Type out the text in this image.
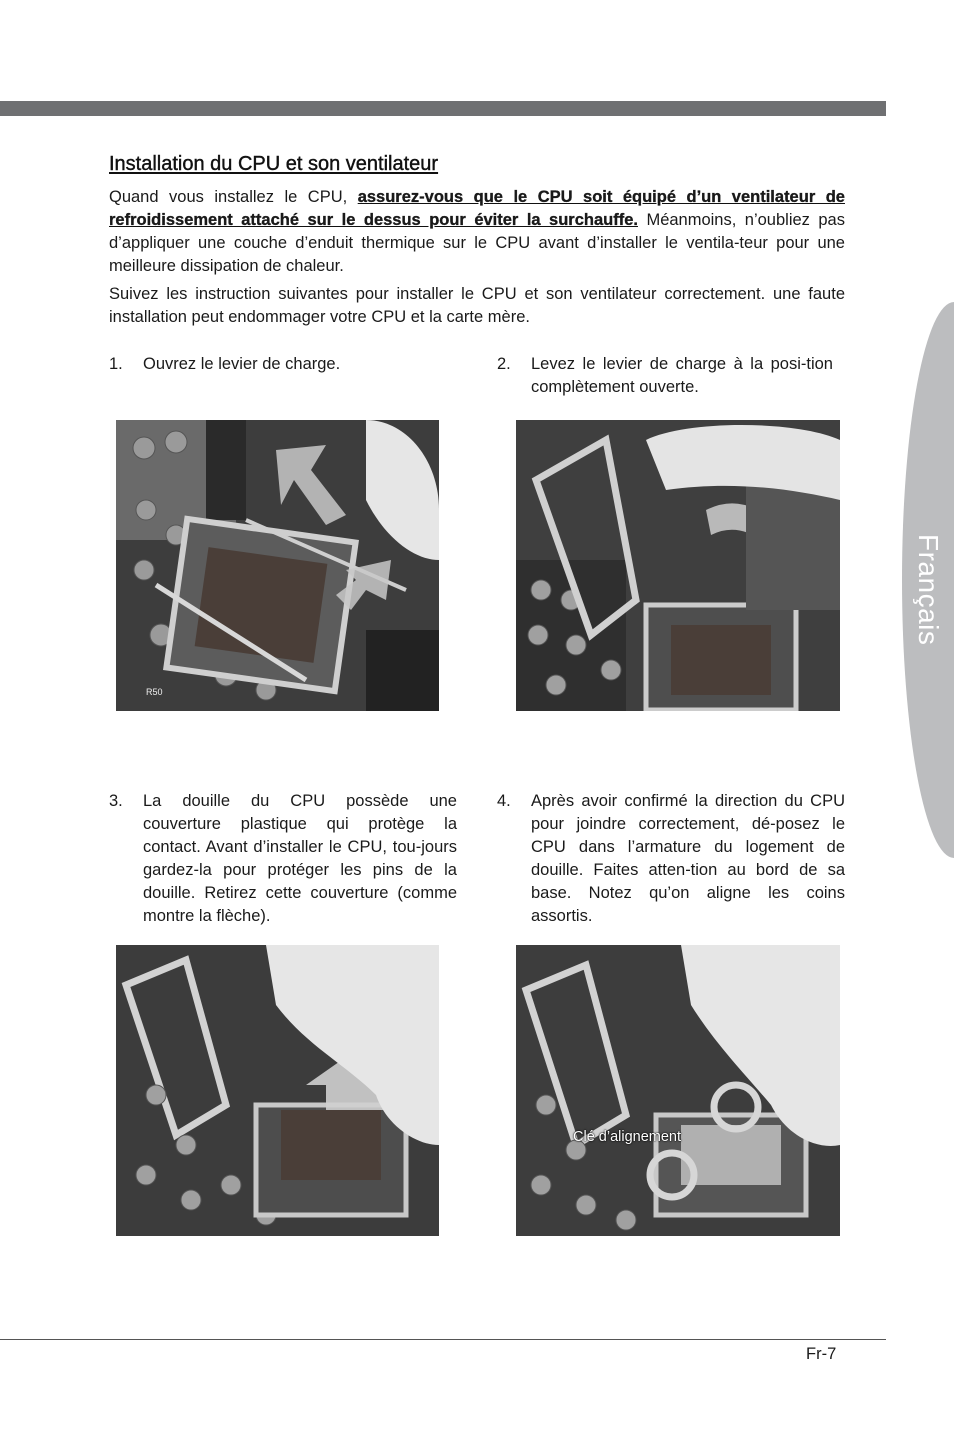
Français
Installation du CPU et son ventilateur

Quand vous installez le CPU, assurez-vous que le CPU soit équipé d’un ventilateur de refroidissement attaché sur le dessus pour éviter la surchauffe. Méanmoins, n’oubliez pas d’appliquer une couche d’enduit thermique sur le CPU avant d’installer le ventila-teur pour une meilleure dissipation de chaleur.

Suivez les instruction suivantes pour installer le CPU et son ventilateur correctement. une faute installation peut endommager votre CPU et la carte mère.

1. Ouvrez le levier de charge.	2. Levez le levier de charge à la posi-tion complètement ouverte.
R50
3. La douille du CPU possède une couverture plastique qui protège la contact. Avant d’installer le CPU, tou-jours gardez-la pour protéger les pins de la douille. Retirez cette couverture (comme montre la flèche).
4. Après avoir confirmé la direction du CPU pour joindre correctement, dé-posez le CPU dans l’armature du logement de douille. Faites atten-tion au bord de sa base. Notez qu’on aligne les coins assortis.
Clé d’alignement
Fr-7
